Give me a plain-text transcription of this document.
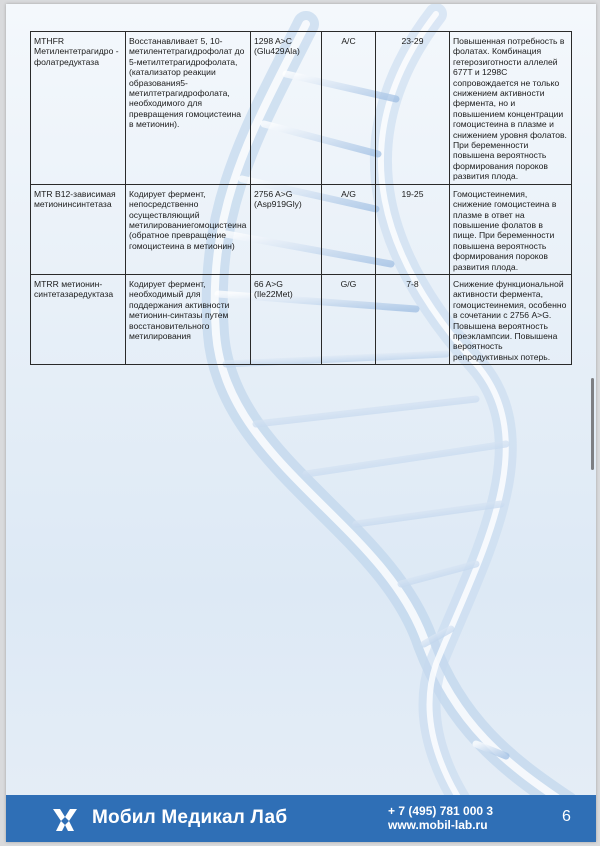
MTHFR Метилентетрагидро - фолатредуктаза	Восстанавливает 5, 10-метилентетрагидрофолат до 5-метилтетрагидрофолата, (катализатор реакции образования5-метилтетрагидрофолата, необходимого для превращения гомоцистеина в метионин).	1298 A>C (Glu429Ala)	A/C	23-29	Повышенная потребность в фолатах. Комбинация гетерозиготности аллелей 677T и 1298C сопровождается не только снижением активности фермента, но и повышением концентрации гомоцистеина в плазме и снижением уровня фолатов. При беременности повышена вероятность формирования пороков развития плода.
MTR B12-зависимая метионинсинтетаза	Кодирует фермент, непосредственно осуществляющий метилированиегомоцистеина (обратное превращение гомоцистеина в метионин)	2756 A>G (Asp919Gly)	A/G	19-25	Гомоцистеинемия, снижение гомоцистеина в плазме в ответ на повышение фолатов в пище. При беременности повышена вероятность формирования пороков развития плода.
MTRR метионин-синтетазаредуктаза	Кодирует фермент, необходимый для поддержания активности метионин-синтазы путем восстановительного метилирования	66 A>G (Ile22Met)	G/G	7-8	Снижение функциональной активности фермента, гомоцистеинемия, особенно в сочетании с 2756 A>G. Повышена вероятность преэклампсии. Повышена вероятность репродуктивных потерь.
Мобил Медикал Лаб	+ 7 (495) 781 000 3
www.mobil-lab.ru	6
